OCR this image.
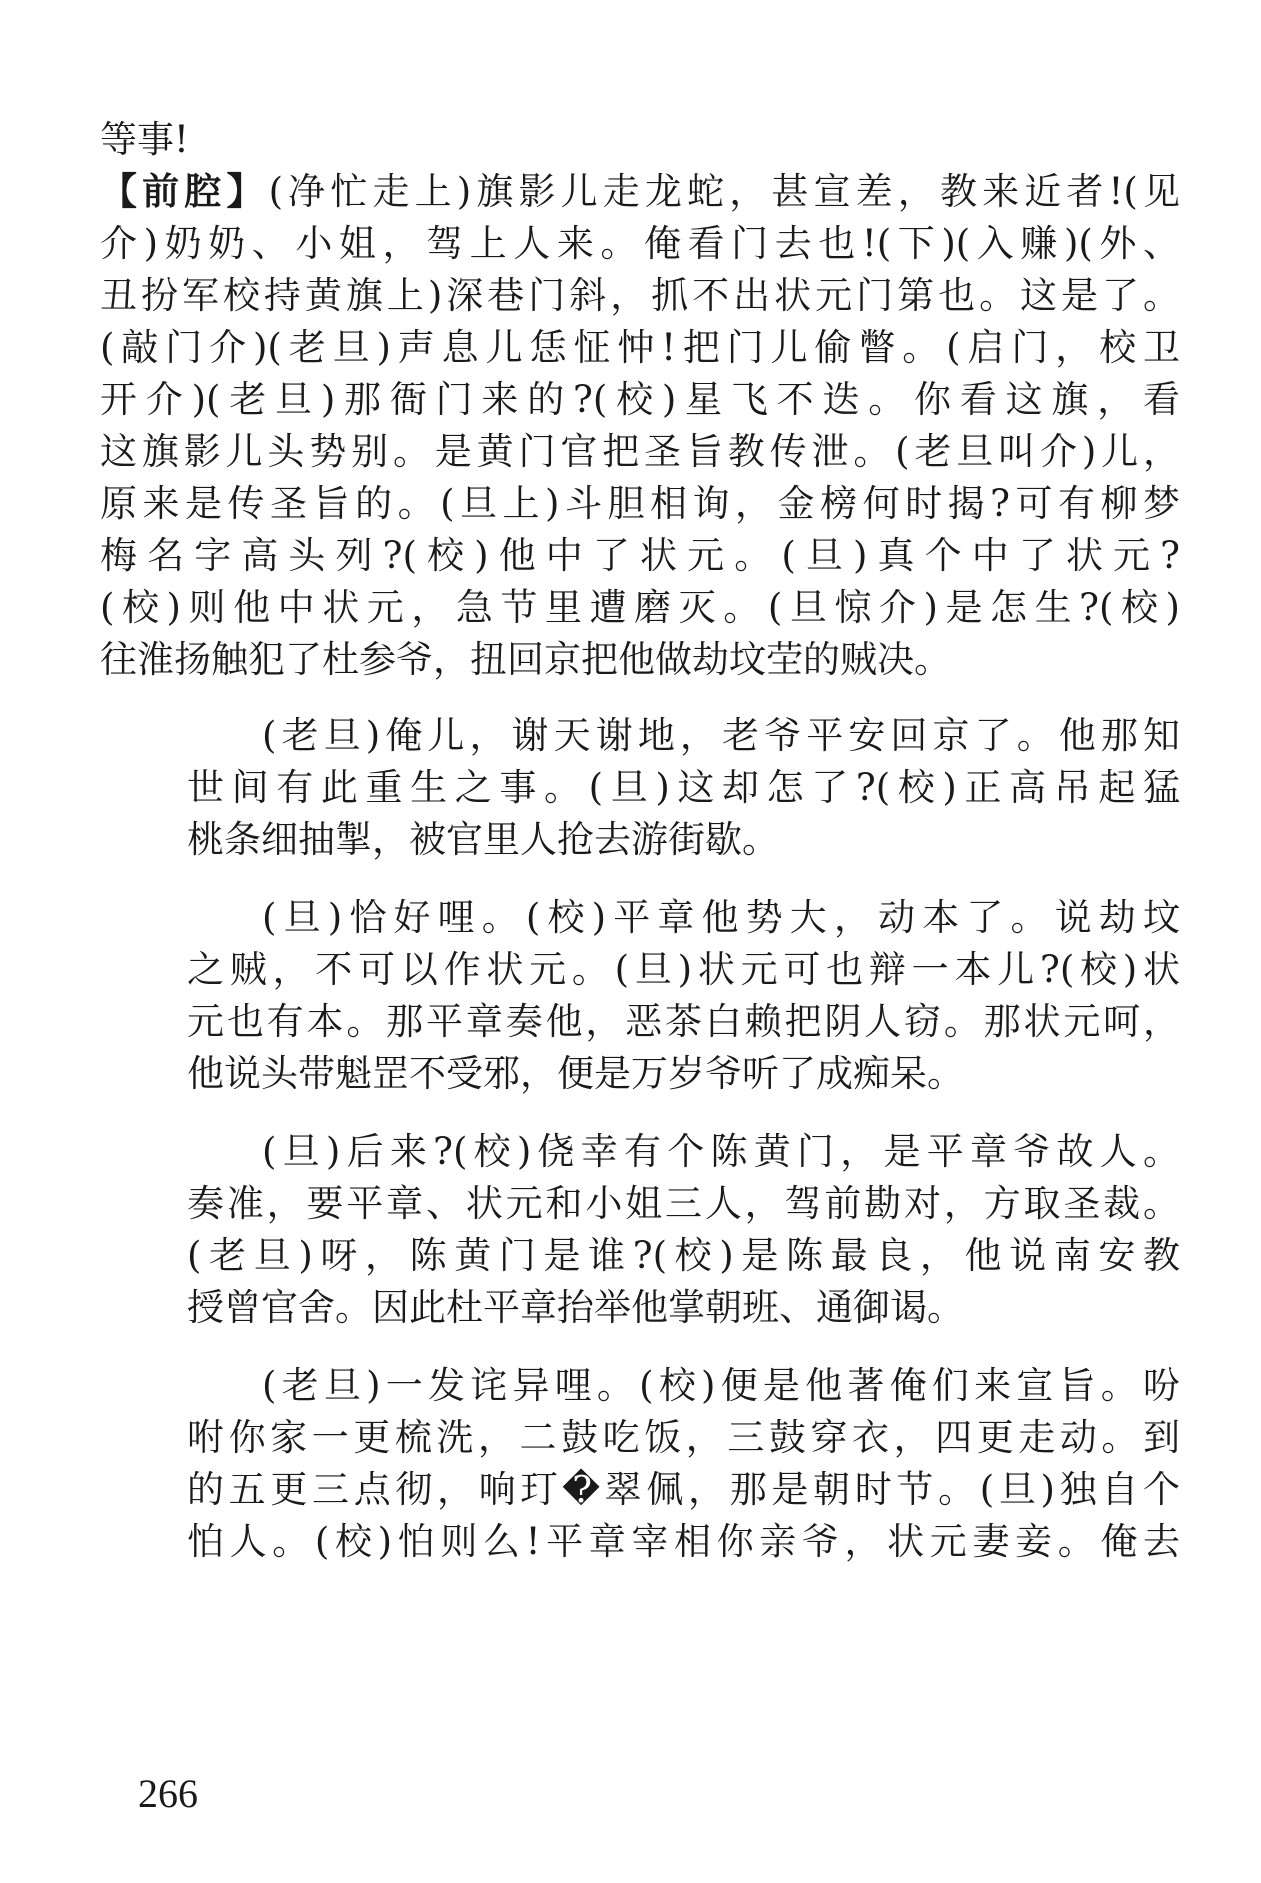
等事!
【前腔】(净忙走上)旗影儿走龙蛇，甚宣差，教来近者!(见
介)奶奶、小姐，驾上人来。俺看门去也!(下)(入赚)(外、
丑扮军校持黄旗上)深巷门斜，抓不出状元门第也。这是了。
(敲门介)(老旦)声息儿恁怔忡!把门儿偷瞥。(启门，校卫
开介)(老旦)那衙门来的?(校)星飞不迭。你看这旗，看
这旗影儿头势别。是黄门官把圣旨教传泄。(老旦叫介)儿，
原来是传圣旨的。(旦上)斗胆相询，金榜何时揭?可有柳梦
梅名字高头列?(校)他中了状元。(旦)真个中了状元?
(校)则他中状元，急节里遭磨灭。(旦惊介)是怎生?(校)
往淮扬触犯了杜参爷，扭回京把他做劫坟茔的贼决。
(老旦)俺儿，谢天谢地，老爷平安回京了。他那知
世间有此重生之事。(旦)这却怎了?(校)正高吊起猛
桃条细抽掣，被官里人抢去游街歇。
(旦)恰好哩。(校)平章他势大，动本了。说劫坟
之贼，不可以作状元。(旦)状元可也辩一本儿?(校)状
元也有本。那平章奏他，恶茶白赖把阴人窃。那状元呵，
他说头带魁罡不受邪，便是万岁爷听了成痴呆。
(旦)后来?(校)侥幸有个陈黄门，是平章爷故人。
奏准，要平章、状元和小姐三人，驾前勘对，方取圣裁。
(老旦)呀，陈黄门是谁?(校)是陈最良，他说南安教
授曾官舍。因此杜平章抬举他掌朝班、通御谒。
(老旦)一发诧异哩。(校)便是他著俺们来宣旨。吩
咐你家一更梳洗，二鼓吃饭，三鼓穿衣，四更走动。到
的五更三点彻，响玎�翠佩，那是朝时节。(旦)独自个
怕人。(校)怕则么!平章宰相你亲爷，状元妻妾。俺去
266
